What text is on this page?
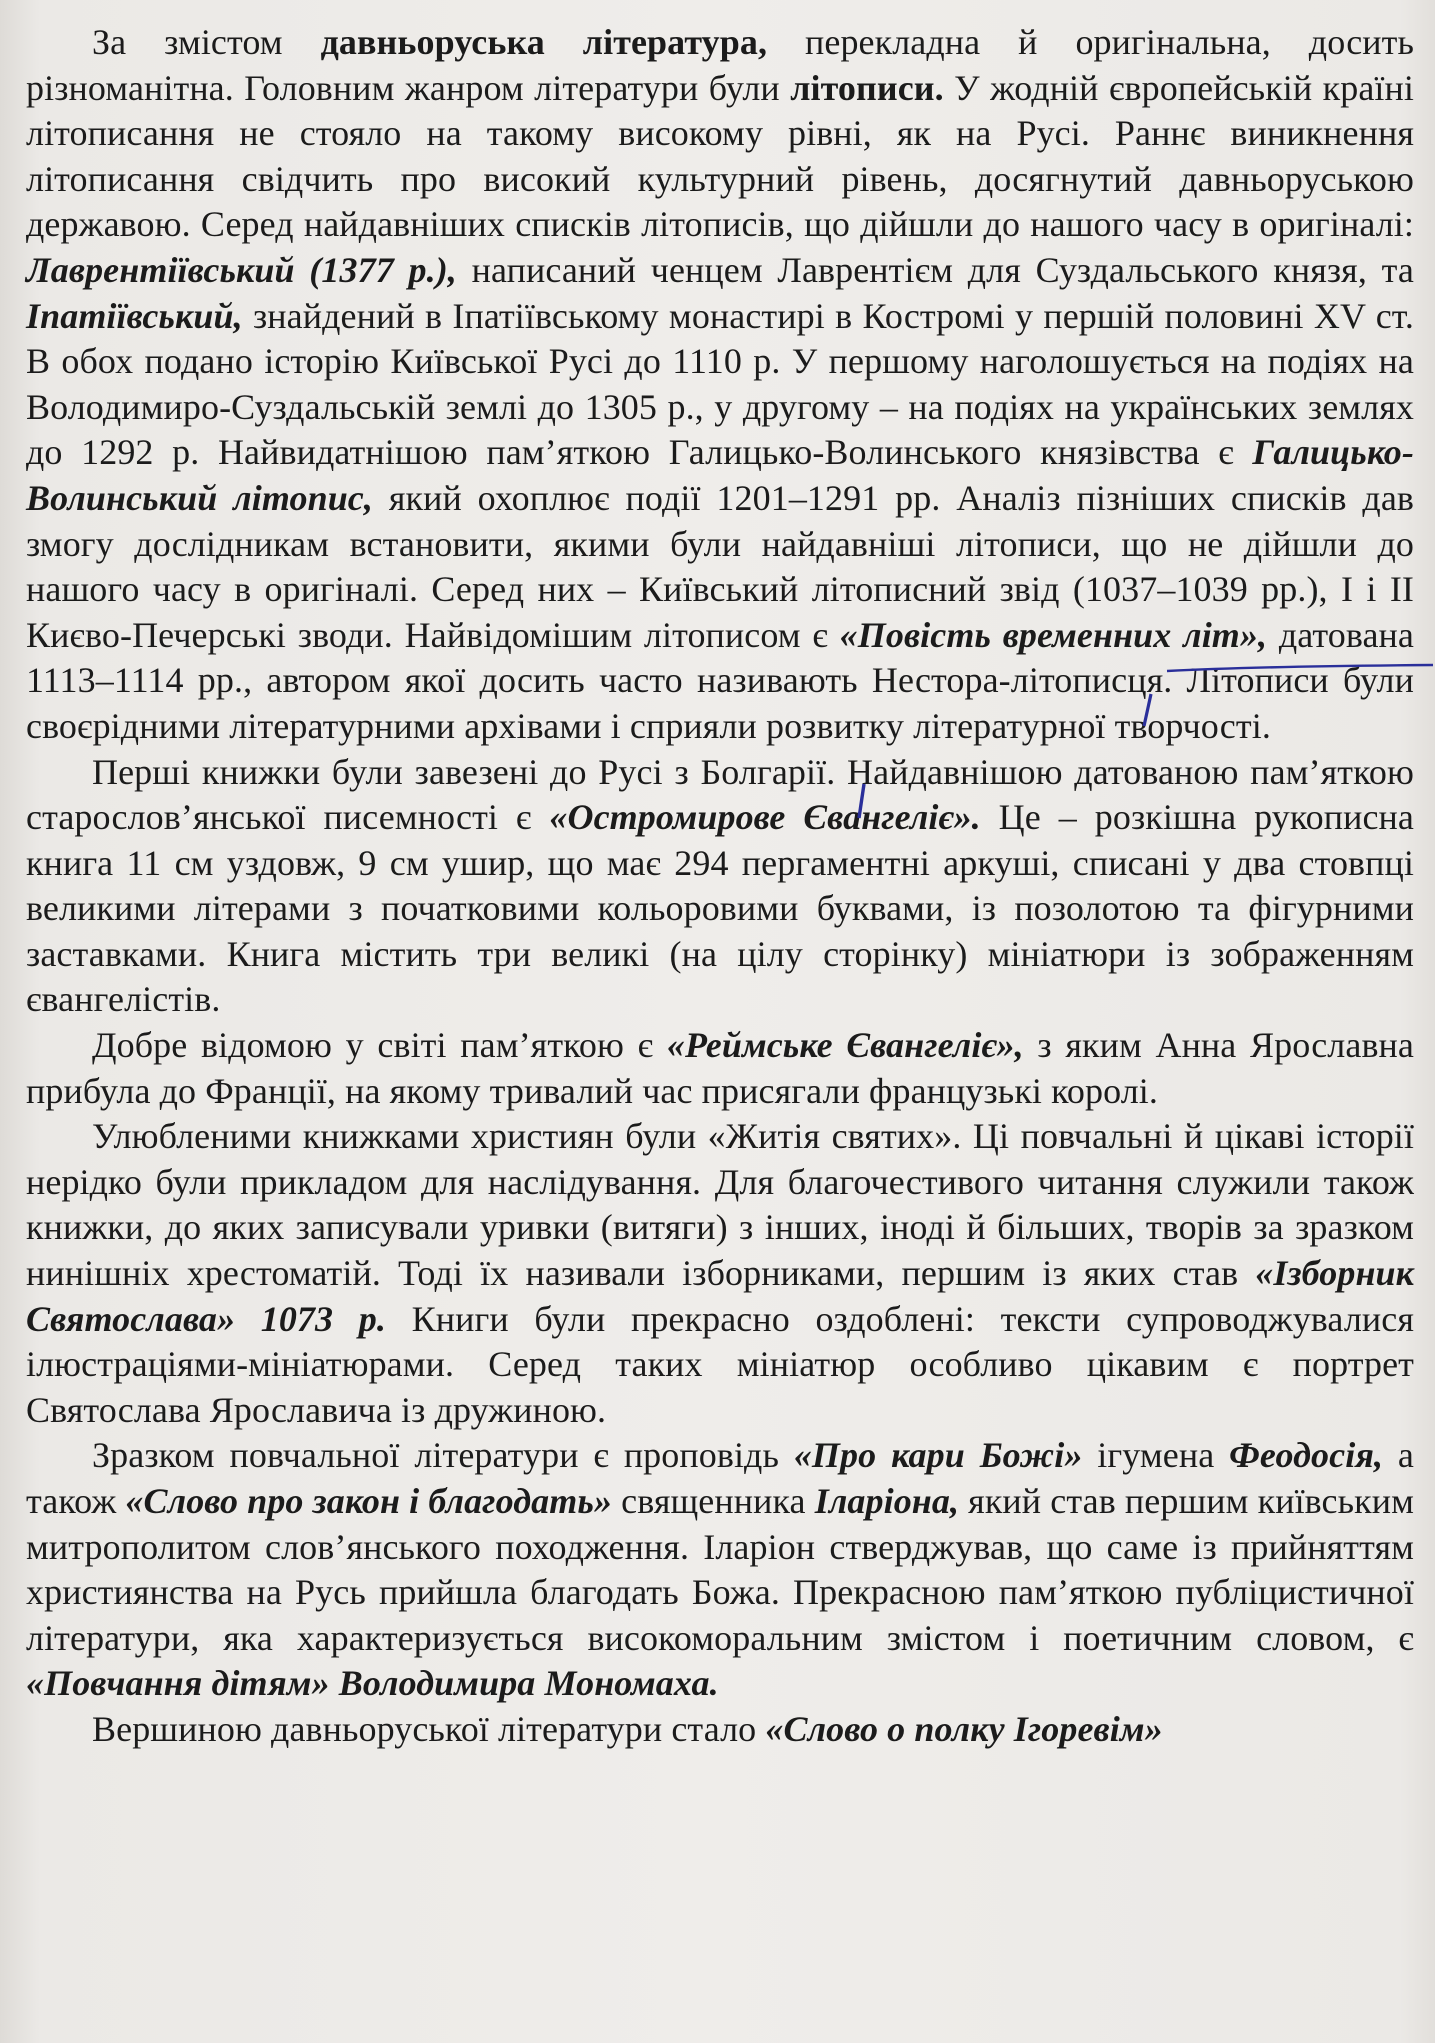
За змістом давньоруська література, перекладна й оригінальна, досить різноманітна. Головним жанром літератури були літописи. У жодній європейській країні літописання не стояло на такому високому рівні, як на Русі. Раннє виникнення літописання свідчить про високий культурний рівень, досягнутий давньоруською державою. Серед найдавніших списків літописів, що дійшли до нашого часу в оригіналі: Лаврентіївський (1377 р.), написаний ченцем Лаврентієм для Суздальського князя, та Іпатіївський, знайдений в Іпатіївському монастирі в Костромі у першій половині XV ст. В обох подано історію Київської Русі до 1110 р. У першому наголошується на подіях на Володимиро-Суздальській землі до 1305 р., у другому – на подіях на українських землях до 1292 р. Найвидатнішою пам’яткою Галицько-Волинського князівства є Галицько-Волинський літопис, який охоплює події 1201–1291 рр. Аналіз пізніших списків дав змогу дослідникам встановити, якими були найдавніші літописи, що не дійшли до нашого часу в оригіналі. Серед них – Київський літописний звід (1037–1039 рр.), І і ІІ Києво-Печерські зводи. Найвідомішим літописом є «Повість временних літ», датована 1113–1114 рр., автором якої досить часто називають Нестора-літописця. Літописи були своєрідними літературними архівами і сприяли розвитку літературної творчості.

Перші книжки були завезені до Русі з Болгарії. Найдавнішою датованою пам’яткою старослов’янської писемності є «Остромирове Євангеліє». Це – розкішна рукописна книга 11 см уздовж, 9 см ушир, що має 294 пергаментні аркуші, списані у два стовпці великими літерами з початковими кольоровими буквами, із позолотою та фігурними заставками. Книга містить три великі (на цілу сторінку) мініатюри із зображенням євангелістів.

Добре відомою у світі пам’яткою є «Реймське Євангеліє», з яким Анна Ярославна прибула до Франції, на якому тривалий час присягали французькі королі.

Улюбленими книжками християн були «Житія святих». Ці повчальні й цікаві історії нерідко були прикладом для наслідування. Для благочестивого читання служили також книжки, до яких записували уривки (витяги) з інших, іноді й більших, творів за зразком нинішніх хрестоматій. Тоді їх називали ізборниками, першим із яких став «Ізборник Святослава» 1073 р. Книги були прекрасно оздоблені: тексти супроводжувалися ілюстраціями-мініатюрами. Серед таких мініатюр особливо цікавим є портрет Святослава Ярославича із дружиною.

Зразком повчальної літератури є проповідь «Про кари Божі» ігумена Феодосія, а також «Слово про закон і благодать» священника Іларіона, який став першим київським митрополитом слов’янського походження. Іларіон стверджував, що саме із прийняттям християнства на Русь прийшла благодать Божа. Прекрасною пам’яткою публіцистичної літератури, яка характеризується високоморальним змістом і поетичним словом, є «Повчання дітям» Володимира Мономаха.

Вершиною давньоруської літератури стало «Слово о полку Ігоревім»
